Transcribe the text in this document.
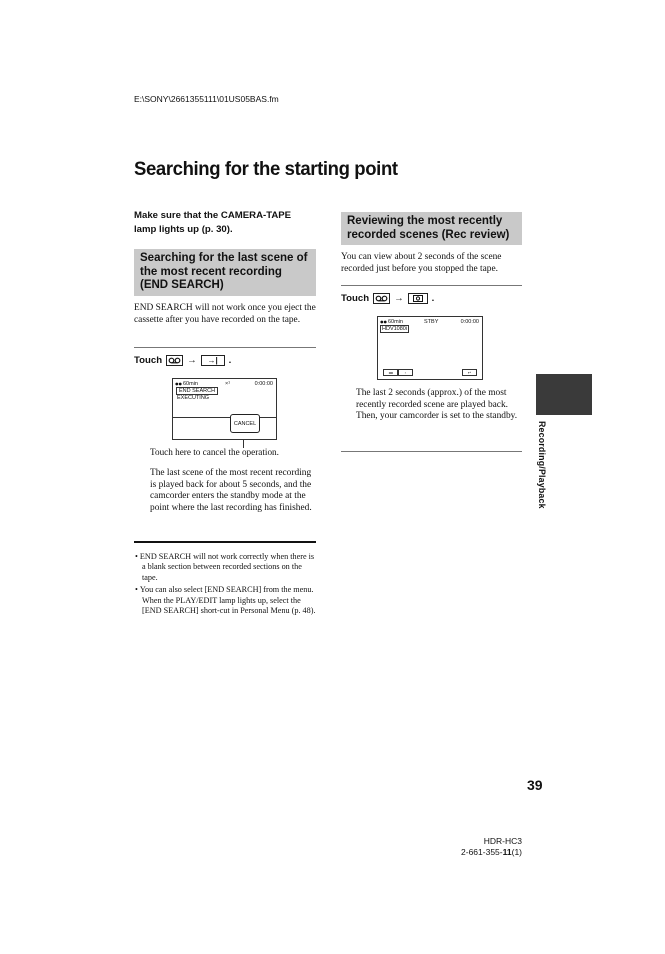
E:\SONY\2661355111\01US05BAS.fm
Searching for the starting point
Make sure that the CAMERA-TAPE lamp lights up (p. 30).
Searching for the last scene of the most recent recording (END SEARCH)
END SEARCH will not work once you eject the cassette after you have recorded on the tape.
Touch	→	→|	.
60min	×¹	0:00:00
END SEARCH
EXECUTING
CANCEL
Touch here to cancel the operation.
The last scene of the most recent recording is played back for about 5 seconds, and the camcorder enters the standby mode at the point where the last recording has finished.
• END SEARCH will not work correctly when there is a blank section between recorded sections on the tape.
• You can also select [END SEARCH] from the menu. When the PLAY/EDIT lamp lights up, select the [END SEARCH] short-cut in Personal Menu (p. 48).
Reviewing the most recently recorded scenes (Rec review)
You can view about 2 seconds of the scene recorded just before you stopped the tape.
Touch	→	.
60min	STBY	0:00:00
HDV1080i
◂◂	▫	↩
The last 2 seconds (approx.) of the most recently recorded scene are played back. Then, your camcorder is set to the standby.
Recording/Playback
39
HDR-HC3
2-661-355-11(1)
